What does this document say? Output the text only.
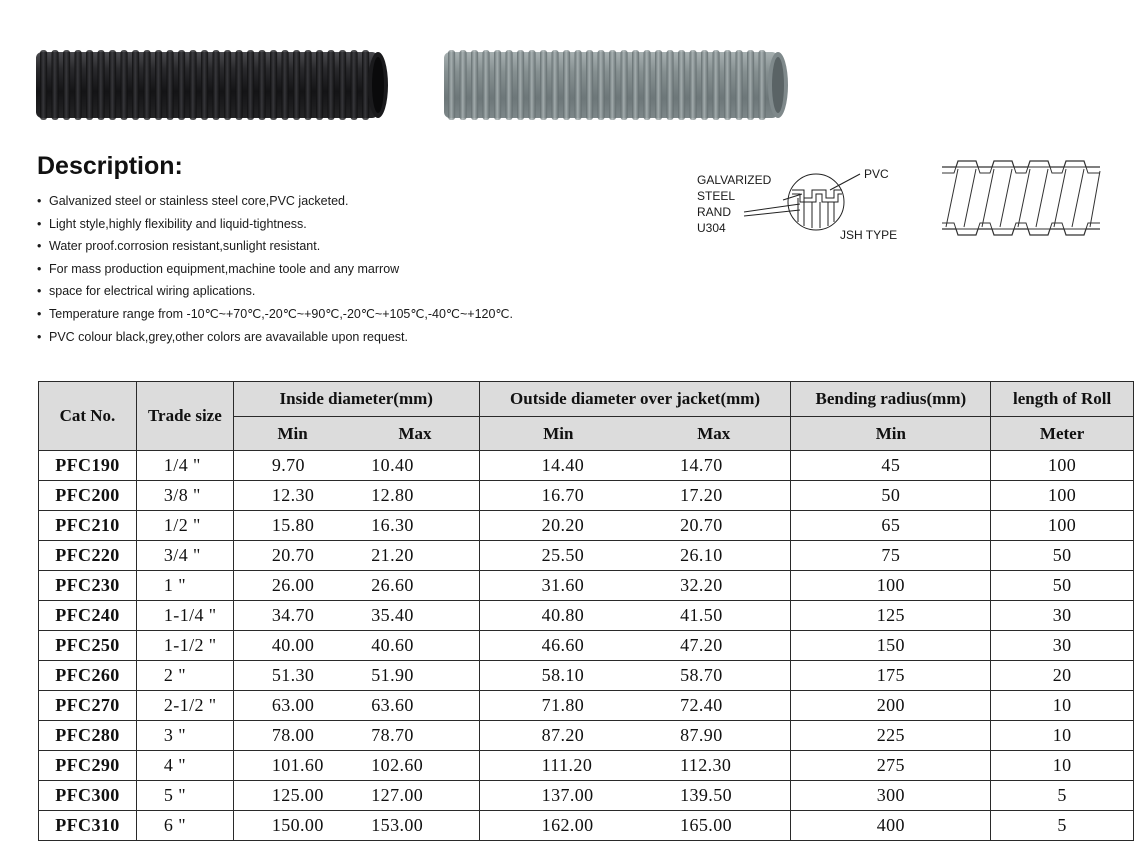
Description:
• Galvanized steel or stainless steel core,PVC jacketed.
• Light style,highly flexibility and liquid-tightness.
• Water proof.corrosion resistant,sunlight resistant.
• For mass production equipment,machine toole and any marrow
• space for electrical wiring aplications.
• Temperature range from -10℃~+70℃,-20℃~+90℃,-20℃~+105℃,-40℃~+120℃.
• PVC colour black,grey,other colors are avavailable upon request.
GALVARIZED
STEEL
RAND
U304
PVC
JSH TYPE
Cat No.	Trade size	Inside diameter(mm)		Outside diameter over jacket(mm)		Bending radius(mm)	length of Roll
		Min	Max	Min	Max	Min	Meter
PFC190	1/4 "	9.70	10.40	14.40	14.70	45	100
PFC200	3/8 "	12.30	12.80	16.70	17.20	50	100
PFC210	1/2 "	15.80	16.30	20.20	20.70	65	100
PFC220	3/4 "	20.70	21.20	25.50	26.10	75	50
PFC230	1 "	26.00	26.60	31.60	32.20	100	50
PFC240	1-1/4 "	34.70	35.40	40.80	41.50	125	30
PFC250	1-1/2 "	40.00	40.60	46.60	47.20	150	30
PFC260	2 "	51.30	51.90	58.10	58.70	175	20
PFC270	2-1/2 "	63.00	63.60	71.80	72.40	200	10
PFC280	3 "	78.00	78.70	87.20	87.90	225	10
PFC290	4 "	101.60	102.60	111.20	112.30	275	10
PFC300	5 "	125.00	127.00	137.00	139.50	300	5
PFC310	6 "	150.00	153.00	162.00	165.00	400	5
